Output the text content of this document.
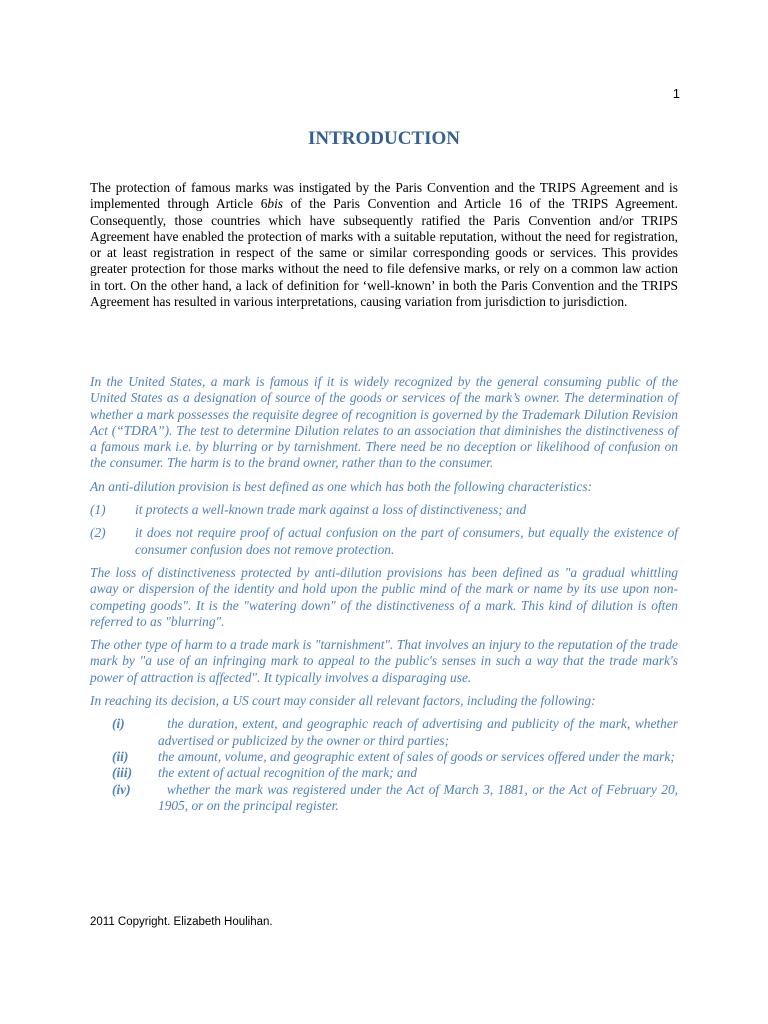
1
INTRODUCTION

The protection of famous marks was instigated by the Paris Convention and the TRIPS Agreement and is implemented through Article 6bis of the Paris Convention and Article 16 of the TRIPS Agreement. Consequently, those countries which have subsequently ratified the Paris Convention and/or TRIPS Agreement have enabled the protection of marks with a suitable reputation, without the need for registration, or at least registration in respect of the same or similar corresponding goods or services. This provides greater protection for those marks without the need to file defensive marks, or rely on a common law action in tort. On the other hand, a lack of definition for ‘well-known’ in both the Paris Convention and the TRIPS Agreement has resulted in various interpretations, causing variation from jurisdiction to jurisdiction.

In the United States, a mark is famous if it is widely recognized by the general consuming public of the United States as a designation of source of the goods or services of the mark’s owner. The determination of whether a mark possesses the requisite degree of recognition is governed by the Trademark Dilution Revision Act (“TDRA”). The test to determine Dilution relates to an association that diminishes the distinctiveness of a famous mark i.e. by blurring or by tarnishment. There need be no deception or likelihood of confusion on the consumer. The harm is to the brand owner, rather than to the consumer.

An anti-dilution provision is best defined as one which has both the following characteristics:

(1)	it protects a well-known trade mark against a loss of distinctiveness; and
(2)	it does not require proof of actual confusion on the part of consumers, but equally the existence of consumer confusion does not remove protection.

The loss of distinctiveness protected by anti-dilution provisions has been defined as "a gradual whittling away or dispersion of the identity and hold upon the public mind of the mark or name by its use upon non-competing goods". It is the "watering down" of the distinctiveness of a mark. This kind of dilution is often referred to as "blurring".

The other type of harm to a trade mark is "tarnishment". That involves an injury to the reputation of the trade mark by "a use of an infringing mark to appeal to the public's senses in such a way that the trade mark's power of attraction is affected". It typically involves a disparaging use.

In reaching its decision, a US court may consider all relevant factors, including the following:

(i)	the duration, extent, and geographic reach of advertising and publicity of the mark, whether advertised or publicized by the owner or third parties;
(ii)	the amount, volume, and geographic extent of sales of goods or services offered under the mark;
(iii)	the extent of actual recognition of the mark; and
(iv)	whether the mark was registered under the Act of March 3, 1881, or the Act of February 20, 1905, or on the principal register.
2011 Copyright. Elizabeth Houlihan.
